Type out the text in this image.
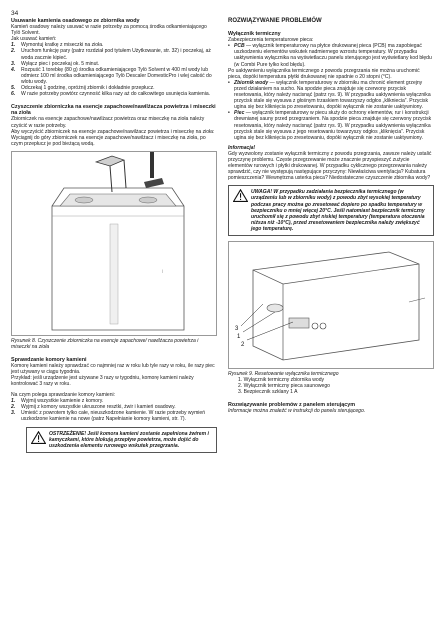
34

Usuwanie kamienia osadowego ze zbiornika wody

Kamień osadowy należy usuwać w razie potrzeby za pomocą środka odkamieniającego Tylö Solvent.

Jak usuwać kamień:

1.	Wymontuj kratkę z miseczki na zioła.
2.	Uruchom funkcję pary (patrz rozdział pod tytułem Użytkowanie, str. 32) i poczekaj, aż woda zacznie kipieć.
3.	Wyłącz piec i poczekaj ok. 5 minut.
4.	Rozpuść 1 torebkę (80 g) środka odkamieniającego Tylö Solvent w 400 ml wody lub odmierz 100 ml środka odkamieniającego Tylö Descaler DomesticPro i wlej całość do wlotu wody.
5.	Odczekaj 1 godzinę, opróżnij zbiornik i dokładnie przepłucz.
6.	W razie potrzeby powtórz czynność kilka razy aż do całkowitego usunięcia kamienia.

Czyszczenie zbiorniczka na esencje zapachowe/nawilżacza powietrza i miseczki na zioła

Zbiorniczek na esencje zapachowe/nawilżacz powietrza oraz miseczkę na zioła należy czyścić w razie potrzeby.

Aby wyczyścić zbiorniczek na esencje zapachowe/nawilżacz powietrza i miseczkę na zioła:

Wyciągnij do góry zbiorniczek na esencje zapachowe/nawilżacz i miseczkę na zioła, po czym przepłucz je pod bieżącą wodą.

|

Rysunek 8. Czyszczenie zbiorniczka na esencje zapachowe/ nawilżacza powietrza i miseczki na zioła

Sprawdzanie komory kamieni

Komorę kamieni należy sprawdzać co najmniej raz w roku lub tyle razy w roku, ile razy piec jest używany w ciągu tygodnia.

Przykład: jeśli urządzenie jest używane 3 razy w tygodniu, komorę kamieni należy kontrolować 3 razy w roku.

Na czym polega sprawdzanie komory kamieni:

1.	Wyjmij wszystkie kamienie z komory.
2.	Wyjmij z komory wszystkie ukruszone resztki, żwir i kamień osadowy.
3.	Umieść z powrotem tylko całe, nieuszkodzone kamienie. W razie potrzeby wymień uszkodzone kamienie na nowe (patrz Napełnianie komory kamieni, str. 7).
OSTRZEŻENIE! Jeśli komora kamieni zostanie zapełniona żwirem i kamyczkami, które blokują przepływ powietrza, może dojść do uszkodzenia elementu rurowego wskutek przegrzania.

ROZWIĄZYWANIE PROBLEMÓW

Wyłącznik termiczny

Zabezpieczenia temperaturowe pieca:

• PCB — wyłącznik temperaturowy na płytce drukowanej pieca (PCB) ma zapobiegać uszkodzeniu elementów wskutek nadmiernego wzrostu temperatury. W przypadku uaktywnienia wyłącznika na wyświetlaczu panelu sterującego jest wyświetlany kod błędu (w Combi Pure tylko kod błędu).

Po uaktywnieniu wyłącznika termicznego z powodu przegrzania nie można uruchomić pieca, dopóki temperatura płytki drukowanej nie spadnie o 20 stopni (°C).

• Zbiornik wody — wyłącznik temperaturowy w zbiorniku ma chronić element grzejny przed działaniem na sucho. Na spodzie pieca znajduje się czerwony przycisk resetowania, który należy nacisnąć (patrz rys. 9). W przypadku uaktywnienia wyłącznika przycisk stale się wysuwa z głośnym trzaskiem towarzyszy odgłos „klikniecia”. Przycisk ugina się bez kliknięcia po zresetowaniu, dopóki wyłącznik nie zostanie uaktywniony.
• Piec — wyłącznik temperaturowy w piecu służy do ochrony elementów, rur i konstrukcji drewnianej sauny przed przegrzaniem. Na spodzie pieca znajduje się czerwony przycisk resetowania, który należy nacisnąć (patrz rys. 9). W przypadku uaktywnienia wyłącznika przycisk stale się wysuwa z jego resetowaniu towarzyszy odgłos „kliknięcia”. Przycisk ugina się bez kliknięcia po zresetowaniu, dopóki wyłącznik nie zostanie uaktywniony.

Informacja!

Gdy wyzwolony zostanie wyłącznik termiczny z powodu przegrzania, zawsze należy ustalić przyczynę problemu. Częste przegrzewanie może znacznie przyspieszyć zużycie elementów rurowych i płytki drukowanej. W przypadku cyklicznego przegrzewania należy sprawdzić, czy nie występują następujące przyczyny: Niewłaściwa wentylacja? Kubatura pomieszczenia? Wewnętrzna usterka pieca? Niedostateczne czyszczenie zbiornika wody?

UWAGA! W przypadku zadziałania bezpiecznika termicznego (w urządzeniu lub w zbiorniku wody) z powodu zbyt wysokiej temperatury podczas pracy można go zresetować dopiero po spadku temperatury w bezpieczniku o mniej więcej 20°C. Jeśli natomiast bezpiecznik termiczny uruchomił się z powodu zbyt niskiej temperatury (temperatura otoczenia niższa niż -10°C), przed zresetowaniem bezpiecznika należy zwiększyć jego temperaturę.
3
1
2

Rysunek 9. Resetowanie wyłącznika termicznego

1. Wyłącznik termiczny zbiornika wody

2. Wyłącznik termiczny pieca saunowego

3. Bezpiecznik szklany 1 A

Rozwiązywanie problemów z panelem sterującym

Informacje można znaleźć w instrukcji do panelu sterującego.
